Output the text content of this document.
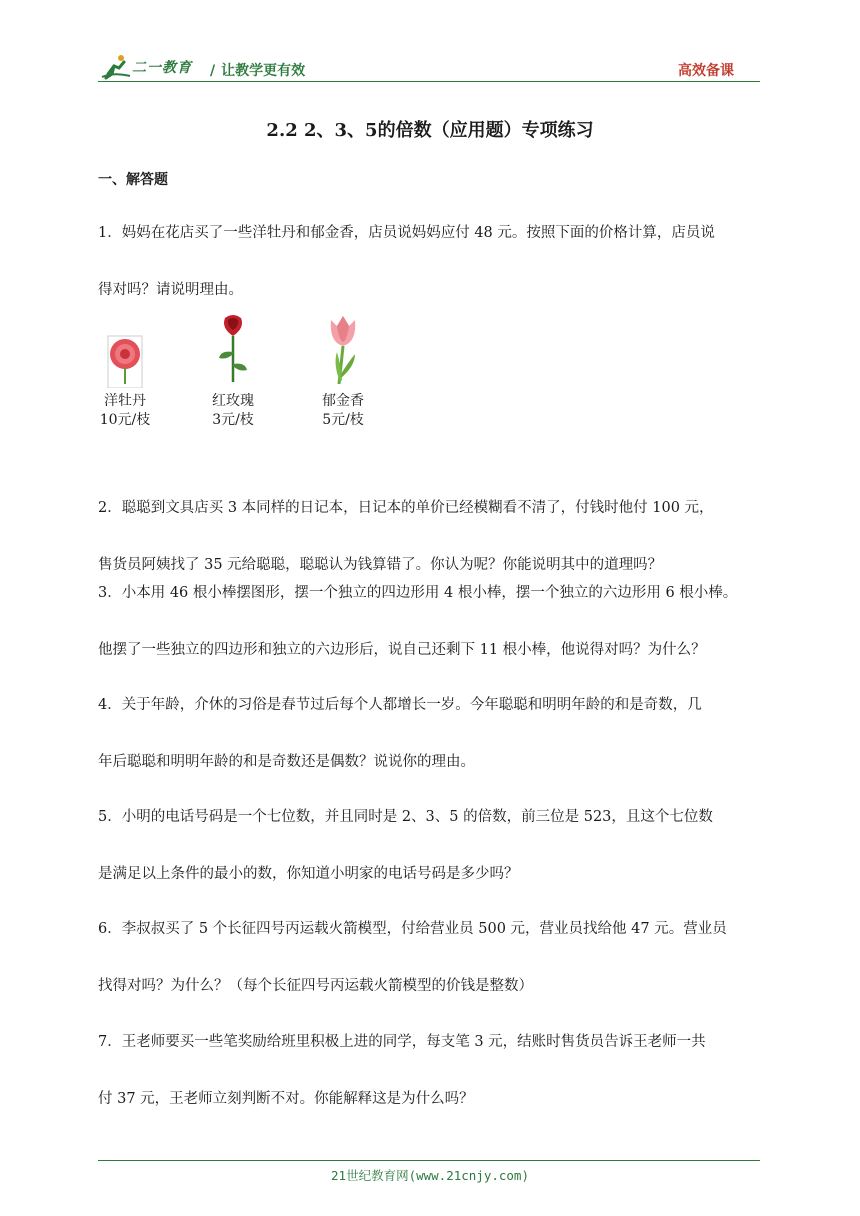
二一教育 / 让教学更有效	高效备课
2.2 2、3、5的倍数（应用题）专项练习
一、解答题
1．妈妈在花店买了一些洋牡丹和郁金香，店员说妈妈应付 48 元。按照下面的价格计算，店员说
得对吗？请说明理由。
洋牡丹
10元/枝
红玫瑰
3元/枝
郁金香
5元/枝
2．聪聪到文具店买 3 本同样的日记本，日记本的单价已经模糊看不清了，付钱时他付 100 元，
售货员阿姨找了 35 元给聪聪，聪聪认为钱算错了。你认为呢？你能说明其中的道理吗？
3．小本用 46 根小棒摆图形，摆一个独立的四边形用 4 根小棒，摆一个独立的六边形用 6 根小棒。
他摆了一些独立的四边形和独立的六边形后，说自己还剩下 11 根小棒，他说得对吗？为什么？
4．关于年龄，介休的习俗是春节过后每个人都增长一岁。今年聪聪和明明年龄的和是奇数，几
年后聪聪和明明年龄的和是奇数还是偶数？说说你的理由。
5．小明的电话号码是一个七位数，并且同时是 2、3、5 的倍数，前三位是 523，且这个七位数
是满足以上条件的最小的数，你知道小明家的电话号码是多少吗？
6．李叔叔买了 5 个长征四号丙运载火箭模型，付给营业员 500 元，营业员找给他 47 元。营业员
找得对吗？为什么？（每个长征四号丙运载火箭模型的价钱是整数）
7．王老师要买一些笔奖励给班里积极上进的同学，每支笔 3 元，结账时售货员告诉王老师一共
付 37 元，王老师立刻判断不对。你能解释这是为什么吗？
21世纪教育网(www.21cnjy.com)
